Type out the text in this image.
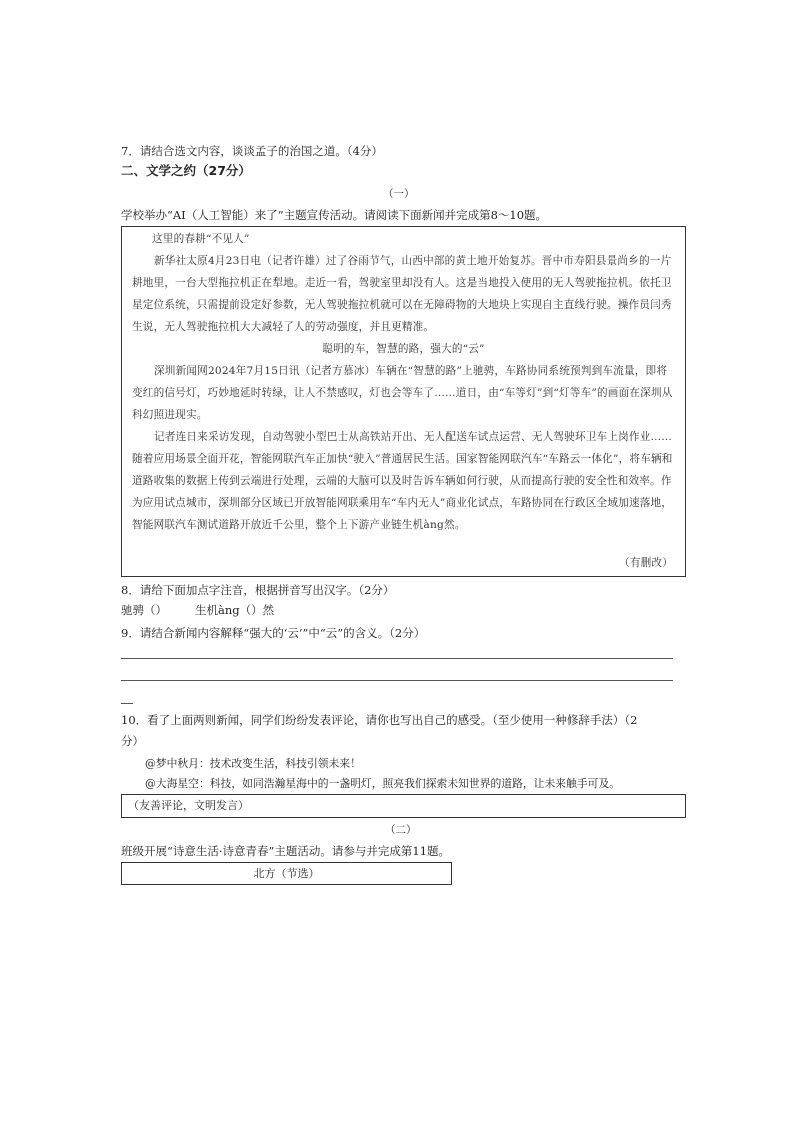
7．请结合选文内容，谈谈孟子的治国之道。（4分）
二、文学之约（27分）
（一）
学校举办“AI（人工智能）来了”主题宣传活动。请阅读下面新闻并完成第8～10题。
这里的春耕“不见人”
新华社太原4月23日电（记者许雄）过了谷雨节气，山西中部的黄土地开始复苏。晋中市寿阳县景尚乡的一片耕地里，一台大型拖拉机正在犁地。走近一看，驾驶室里却没有人。这是当地投入使用的无人驾驶拖拉机。依托卫星定位系统，只需提前设定好参数，无人驾驶拖拉机就可以在无障碍物的大地块上实现自主直线行驶。操作员闫秀生说，无人驾驶拖拉机大大减轻了人的劳动强度，并且更精准。
聪明的车，智慧的路，强大的“云”
深圳新闻网2024年7月15日讯（记者方慕冰）车辆在“智慧的路”上驰骋，车路协同系统预判到车流量，即将变红的信号灯，巧妙地延时转绿，让人不禁感叹，灯也会等车了……道日，由“车等灯”到“灯等车”的画面在深圳从科幻照进现实。
记者连日来采访发现，自动驾驶小型巴士从高铁站开出、无人配送车试点运营、无人驾驶环卫车上岗作业……随着应用场景全面开花，智能网联汽车正加快“驶入”普通居民生活。国家智能网联汽车“车路云一体化”，将车辆和道路收集的数据上传到云端进行处理，云端的大脑可以及时告诉车辆如何行驶，从而提高行驶的安全性和效率。作为应用试点城市，深圳部分区域已开放智能网联乘用车“车内无人”商业化试点，车路协同在行政区全域加速落地，智能网联汽车测试道路开放近千公里，整个上下游产业链生机àng然。
（有删改）
8．请给下面加点字注音，根据拼音写出汉字。（2分）
驰骋（） 生机àng（）然
9．请结合新闻内容解释“强大的‘云’”中“云”的含义。（2分）
10．看了上面两则新闻，同学们纷纷发表评论，请你也写出自己的感受。（至少使用一种修辞手法）（2
分）
@梦中秋月：技术改变生活，科技引领未来！
@大海星空：科技，如同浩瀚星海中的一盏明灯，照亮我们探索未知世界的道路，让未来触手可及。
（友善评论，文明发言）
（二）
班级开展“诗意生活·诗意青春”主题活动。请参与并完成第11题。
北方（节选）
